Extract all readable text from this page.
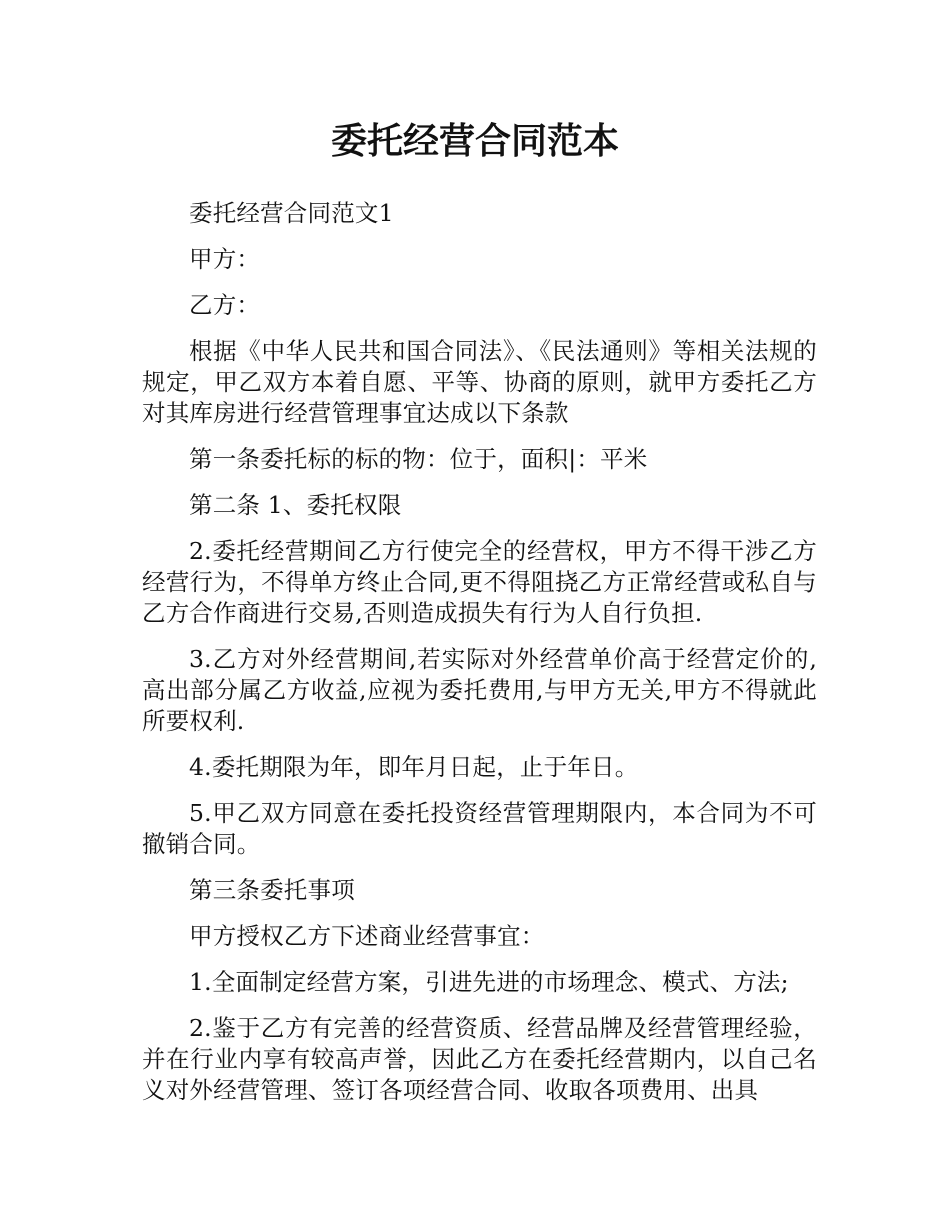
委托经营合同范本

委托经营合同范文1

甲方：

乙方：

根据《中华人民共和国合同法》、《民法通则》等相关法规的规定，甲乙双方本着自愿、平等、协商的原则，就甲方委托乙方对其库房进行经营管理事宜达成以下条款

第一条委托标的标的物：位于，面积|：平米

第二条 1、委托权限

2.委托经营期间乙方行使完全的经营权，甲方不得干涉乙方经营行为，不得单方终止合同,更不得阻挠乙方正常经营或私自与乙方合作商进行交易,否则造成损失有行为人自行负担.

3.乙方对外经营期间,若实际对外经营单价高于经营定价的,高出部分属乙方收益,应视为委托费用,与甲方无关,甲方不得就此所要权利.

4.委托期限为年，即年月日起，止于年日。

5.甲乙双方同意在委托投资经营管理期限内，本合同为不可撤销合同。

第三条委托事项

甲方授权乙方下述商业经营事宜：

1.全面制定经营方案，引进先进的市场理念、模式、方法;

2.鉴于乙方有完善的经营资质、经营品牌及经营管理经验，并在行业内享有较高声誉，因此乙方在委托经营期内，以自己名义对外经营管理、签订各项经营合同、收取各项费用、出具
